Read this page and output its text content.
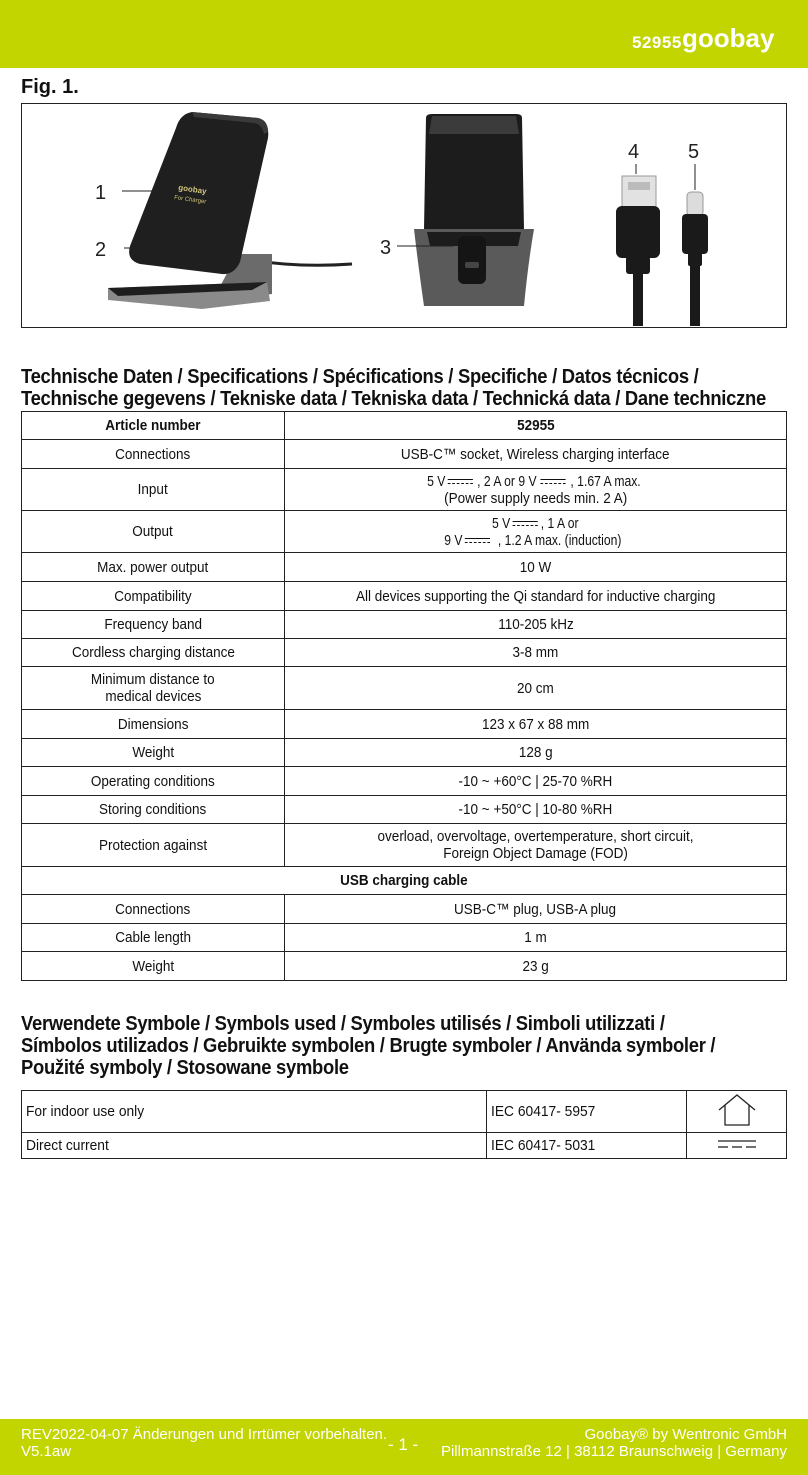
52955 goobay
Fig. 1.
goobay
For Charger
1
2	3
4 5
Technische Daten / Specifications / Spécifications / Specifiche / Datos técnicos /
Technische gegevens / Tekniske data / Tekniska data / Technická data / Dane techniczne
Article number	52955
Connections	USB-C™ socket, Wireless charging interface
Input	5 V, 2 A or 9 V, 1.67 A max.
(Power supply needs min. 2 A)
Output	5 V, 1 A or
9 V, 1.2 A max. (induction)
Max. power output	10 W
Compatibility	All devices supporting the Qi standard for inductive charging
Frequency band	110-205 kHz
Cordless charging distance	3-8 mm
Minimum distance to
medical devices	20 cm
Dimensions	123 x 67 x 88 mm
Weight	128 g
Operating conditions	-10 ~ +60°C | 25-70 %RH
Storing conditions	-10 ~ +50°C | 10-80 %RH
Protection against	overload, overvoltage, overtemperature, short circuit,
Foreign Object Damage (FOD)
USB charging cable	
Connections	USB-C™ plug, USB-A plug
Cable length	1 m
Weight	23 g
Verwendete Symbole / Symbols used / Symboles utilisés / Simboli utilizzati /
Símbolos utilizados / Gebruikte symbolen / Brugte symboler / Använda symboler /
Použité symboly / Stosowane symbole
For indoor use only	IEC 60417- 5957	
Direct current	IEC 60417- 5031	
REV2022-04-07 Änderungen und Irrtümer vorbehalten.
V5.1aw	- 1 -
Goobay® by Wentronic GmbH
Pillmannstraße 12 | 38112 Braunschweig | Germany
